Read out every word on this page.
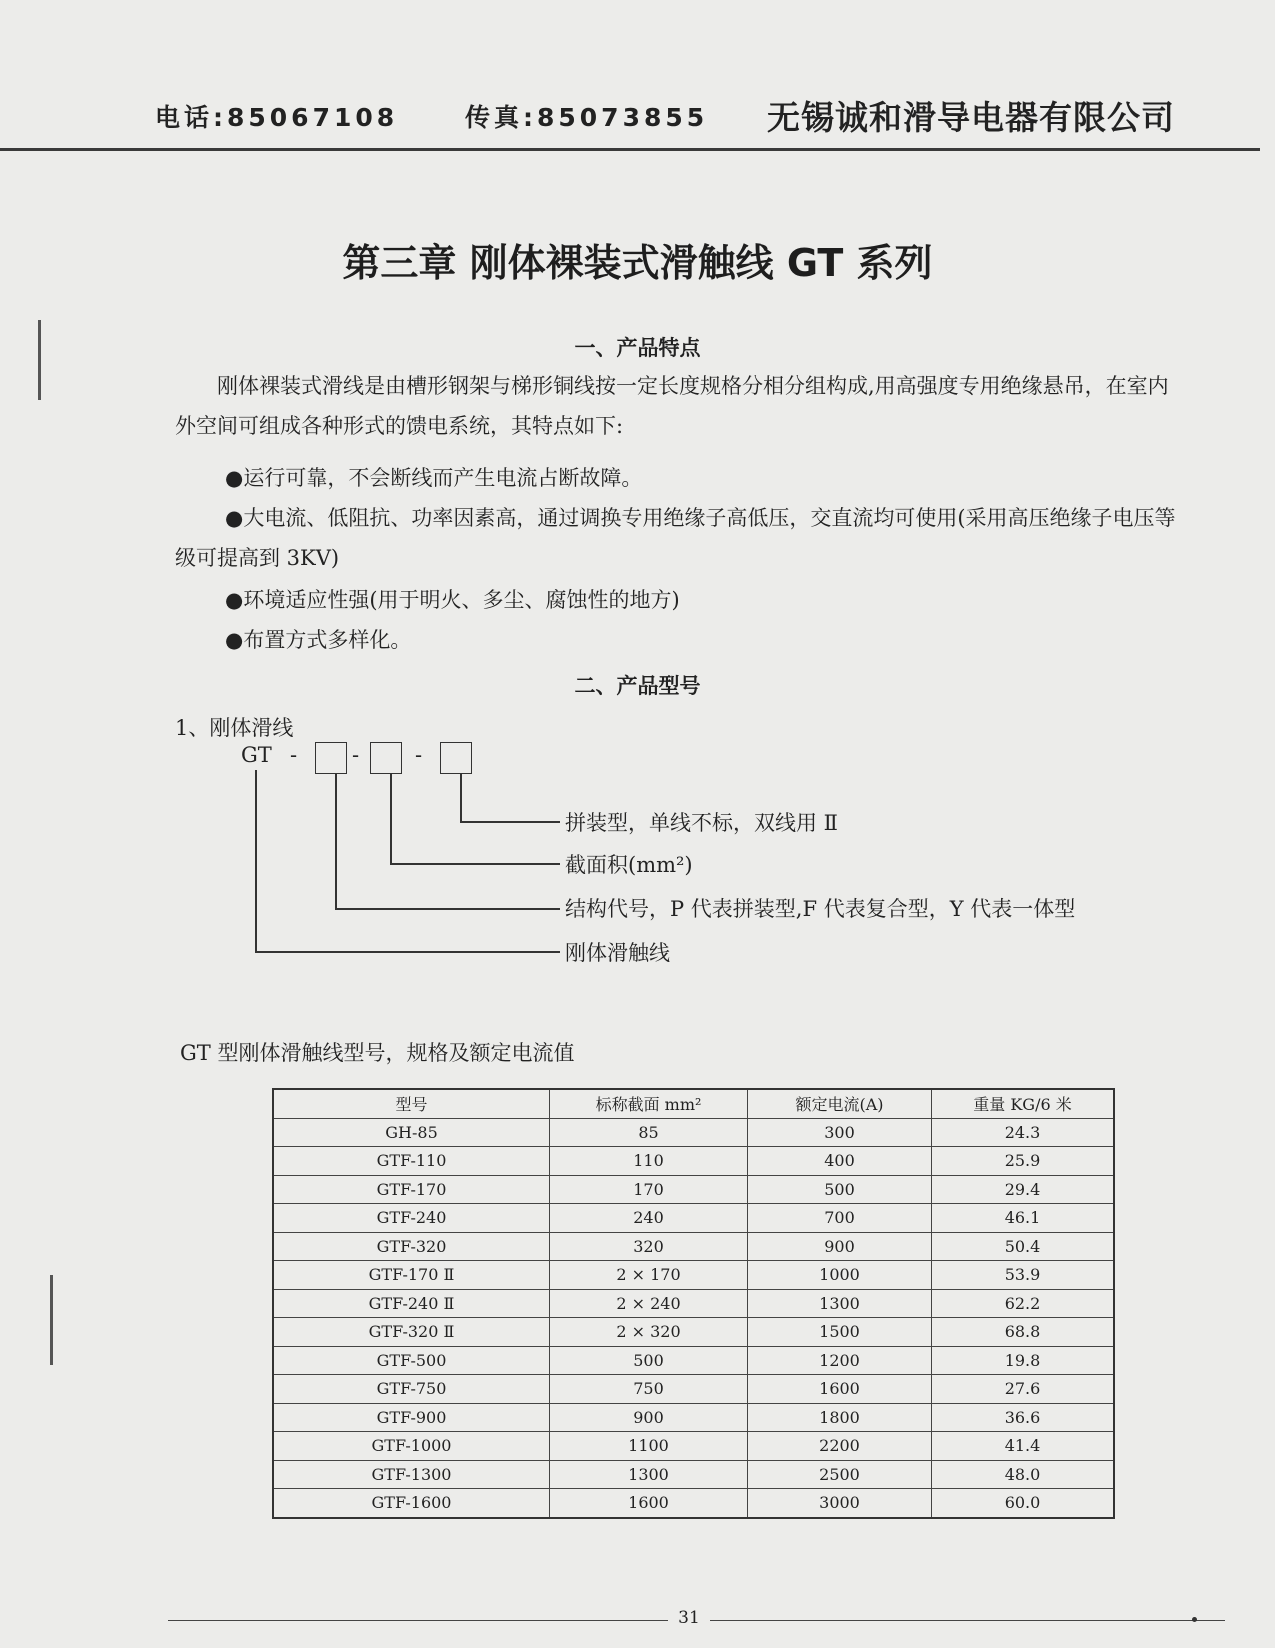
电话:85067108	传真:85073855 无锡诚和滑导电器有限公司
第三章 刚体裸装式滑触线 GT 系列
一、产品特点
刚体裸装式滑线是由槽形钢架与梯形铜线按一定长度规格分相分组构成,用高强度专用绝缘悬吊，在室内外空间可组成各种形式的馈电系统，其特点如下:
●运行可靠，不会断线而产生电流占断故障。
●大电流、低阻抗、功率因素高，通过调换专用绝缘子高低压，交直流均可使用(采用高压绝缘子电压等级可提高到 3KV)
●环境适应性强(用于明火、多尘、腐蚀性的地方)
●布置方式多样化。
二、产品型号
1、刚体滑线
GT -	-	-
拼装型，单线不标，双线用 Ⅱ
截面积(mm²)
结构代号，P 代表拼装型,F 代表复合型，Y 代表一体型
刚体滑触线
GT 型刚体滑触线型号，规格及额定电流值
型号	标称截面 mm²	额定电流(A)	重量 KG/6 米
GH-85	85	300	24.3
GTF-110	110	400	25.9
GTF-170	170	500	29.4
GTF-240	240	700	46.1
GTF-320	320	900	50.4
GTF-170 Ⅱ	2 × 170	1000	53.9
GTF-240 Ⅱ	2 × 240	1300	62.2
GTF-320 Ⅱ	2 × 320	1500	68.8
GTF-500	500	1200	19.8
GTF-750	750	1600	27.6
GTF-900	900	1800	36.6
GTF-1000	1100	2200	41.4
GTF-1300	1300	2500	48.0
GTF-1600	1600	3000	60.0
31
